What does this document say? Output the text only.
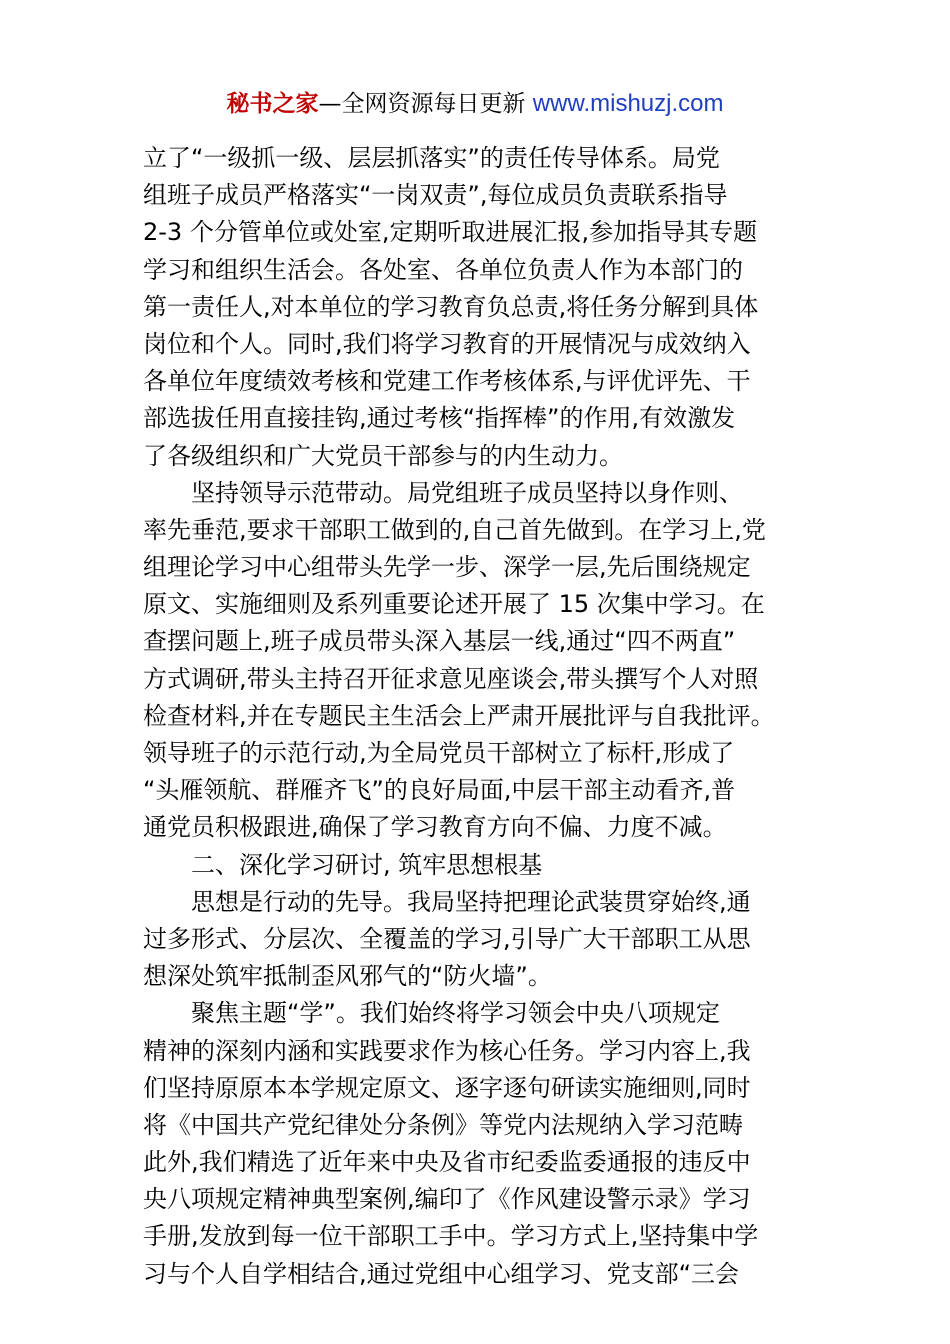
秘书之家—全网资源每日更新 www.mishuzj.com
立了“一级抓一级、层层抓落实”的责任传导体系。局党
组班子成员严格落实“一岗双责”,每位成员负责联系指导
2-3 个分管单位或处室,定期听取进展汇报,参加指导其专题
学习和组织生活会。各处室、各单位负责人作为本部门的
第一责任人,对本单位的学习教育负总责,将任务分解到具体
岗位和个人。同时,我们将学习教育的开展情况与成效纳入
各单位年度绩效考核和党建工作考核体系,与评优评先、干
部选拔任用直接挂钩,通过考核“指挥棒”的作用,有效激发
了各级组织和广大党员干部参与的内生动力。
坚持领导示范带动。局党组班子成员坚持以身作则、
率先垂范,要求干部职工做到的,自己首先做到。在学习上,党
组理论学习中心组带头先学一步、深学一层,先后围绕规定
原文、实施细则及系列重要论述开展了 15 次集中学习。在
查摆问题上,班子成员带头深入基层一线,通过“四不两直”
方式调研,带头主持召开征求意见座谈会,带头撰写个人对照
检查材料,并在专题民主生活会上严肃开展批评与自我批评。
领导班子的示范行动,为全局党员干部树立了标杆,形成了
“头雁领航、群雁齐飞”的良好局面,中层干部主动看齐,普
通党员积极跟进,确保了学习教育方向不偏、力度不减。
二、深化学习研讨, 筑牢思想根基
思想是行动的先导。我局坚持把理论武装贯穿始终,通
过多形式、分层次、全覆盖的学习,引导广大干部职工从思
想深处筑牢抵制歪风邪气的“防火墙”。
聚焦主题“学”。我们始终将学习领会中央八项规定
精神的深刻内涵和实践要求作为核心任务。学习内容上,我
们坚持原原本本学规定原文、逐字逐句研读实施细则,同时
将《中国共产党纪律处分条例》等党内法规纳入学习范畴
此外,我们精选了近年来中央及省市纪委监委通报的违反中
央八项规定精神典型案例,编印了《作风建设警示录》学习
手册,发放到每一位干部职工手中。学习方式上,坚持集中学
习与个人自学相结合,通过党组中心组学习、党支部“三会
